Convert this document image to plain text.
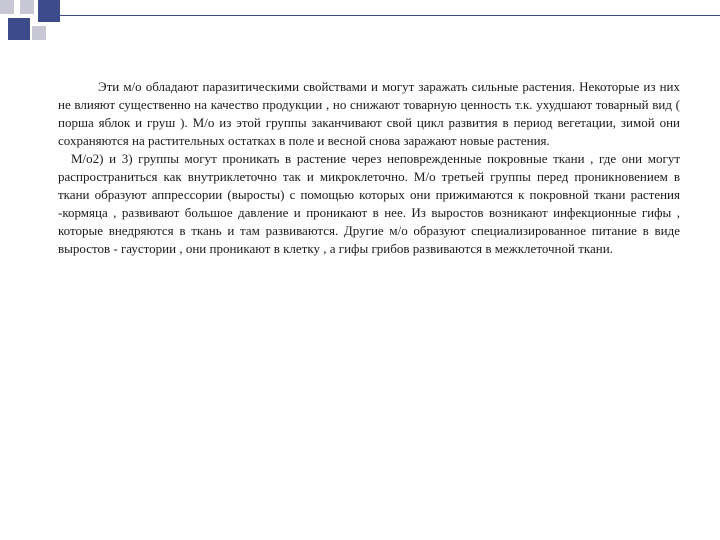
Эти м/о обладают паразитическими свойствами и могут заражать сильные растения. Некоторые из них не влияют существенно на качество продукции , но снижают товарную ценность т.к. ухудшают товарный вид ( порша яблок и груш ). М/о из этой группы заканчивают свой цикл развития в период вегетации, зимой они сохраняются на растительных остатках в поле и весной снова заражают новые растения.

М/о2) и 3) группы могут проникать в растение через неповрежденные покровные ткани , где они могут распространиться как внутриклеточно так и микроклеточно. М/о третьей группы перед проникновением в ткани образуют аппрессории (выросты) с помощью которых они прижимаются к покровной ткани растения -кормяца , развивают большое давление и проникают в нее. Из выростов возникают инфекционные гифы , которые внедряются в ткань и там развиваются. Другие м/о образуют специализированное питание в виде выростов - гаустории , они проникают в клетку , а гифы грибов развиваются в межклеточной ткани.
